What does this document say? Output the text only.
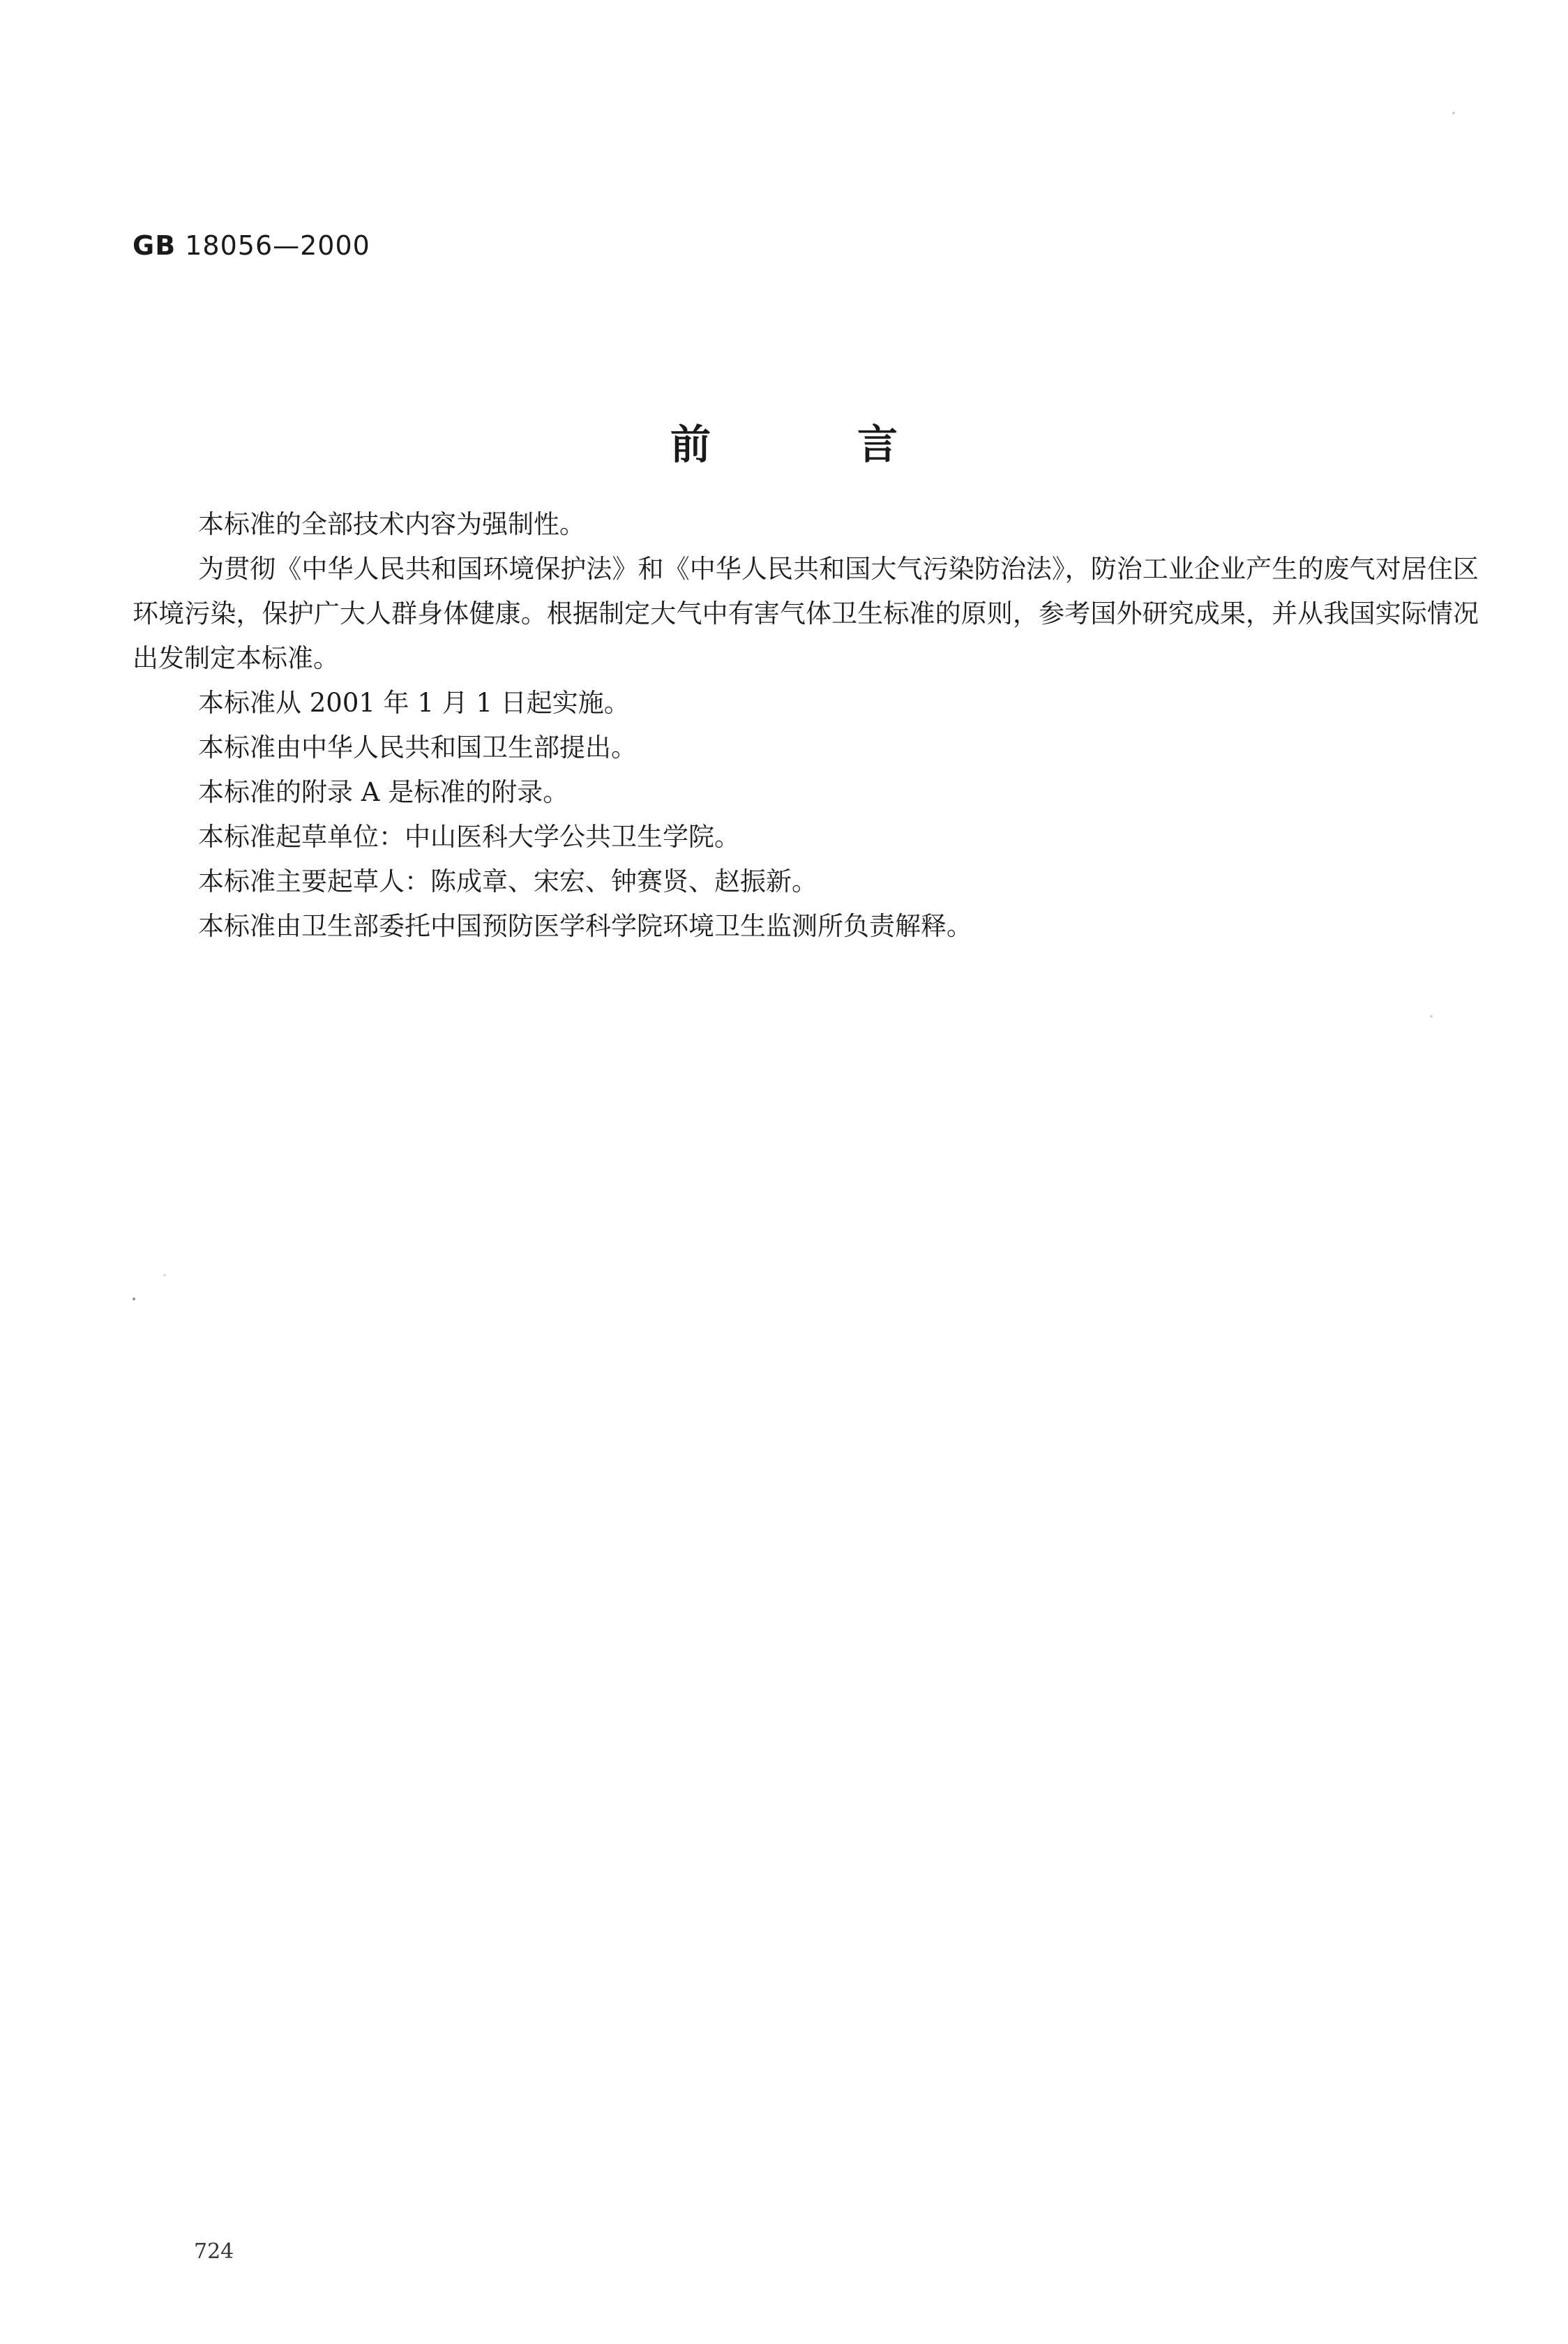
GB 18056—2000
前言

本标准的全部技术内容为强制性。

为贯彻《中华人民共和国环境保护法》和《中华人民共和国大气污染防治法》，防治工业企业产生的废气对居住区环境污染，保护广大人群身体健康。根据制定大气中有害气体卫生标准的原则，参考国外研究成果，并从我国实际情况出发制定本标准。

本标准从 2001 年 1 月 1 日起实施。

本标准由中华人民共和国卫生部提出。

本标准的附录 A 是标准的附录。

本标准起草单位：中山医科大学公共卫生学院。

本标准主要起草人：陈成章、宋宏、钟赛贤、赵振新。

本标准由卫生部委托中国预防医学科学院环境卫生监测所负责解释。

724
